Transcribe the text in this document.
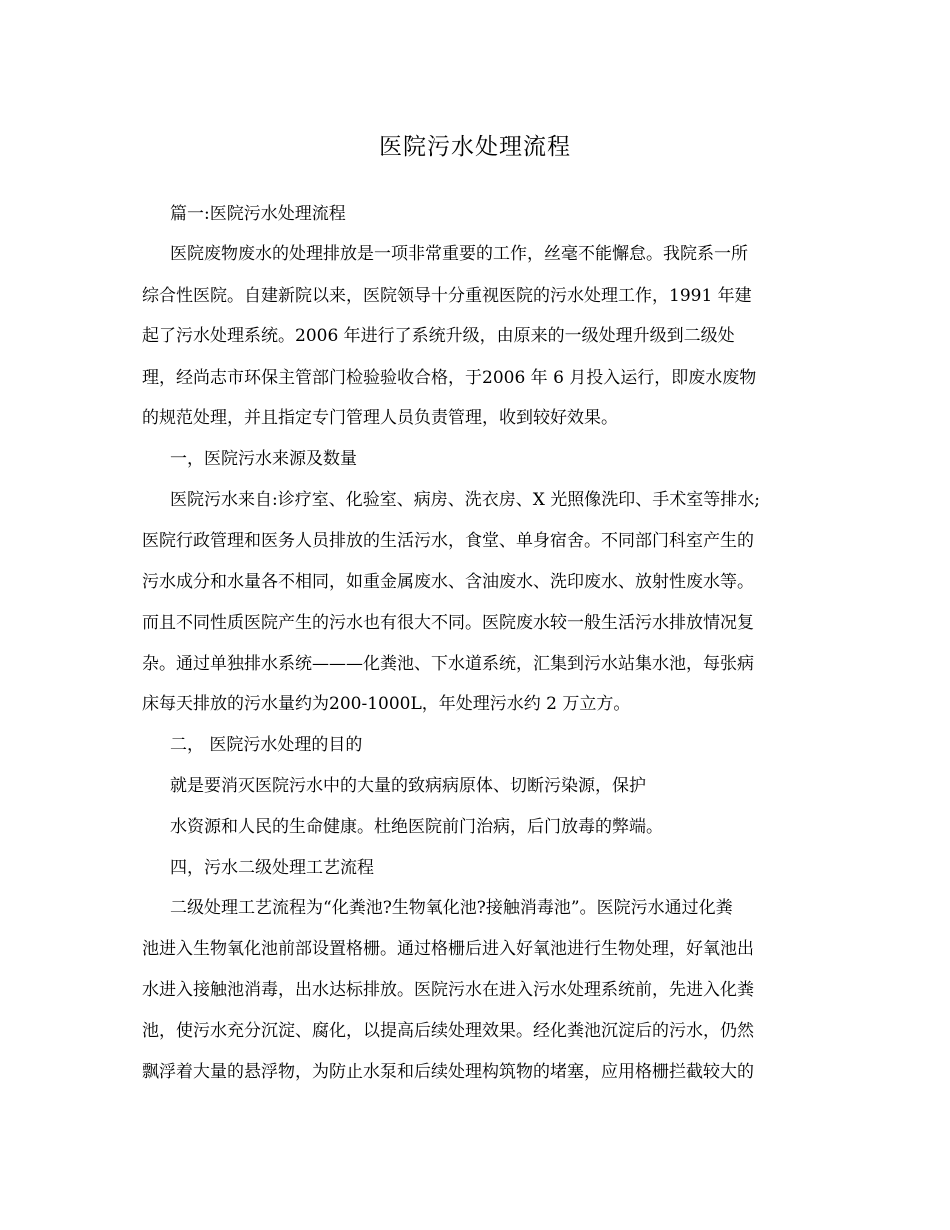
医院污水处理流程
篇一:医院污水处理流程
医院废物废水的处理排放是一项非常重要的工作，丝毫不能懈怠。我院系一所
综合性医院。自建新院以来，医院领导十分重视医院的污水处理工作，1991 年建
起了污水处理系统。2006 年进行了系统升级，由原来的一级处理升级到二级处
理，经尚志市环保主管部门检验验收合格，于2006 年 6 月投入运行，即废水废物
的规范处理，并且指定专门管理人员负责管理，收到较好效果。
一，医院污水来源及数量
医院污水来自:诊疗室、化验室、病房、洗衣房、X 光照像洗印、手术室等排水;
医院行政管理和医务人员排放的生活污水，食堂、单身宿舍。不同部门科室产生的
污水成分和水量各不相同，如重金属废水、含油废水、洗印废水、放射性废水等。
而且不同性质医院产生的污水也有很大不同。医院废水较一般生活污水排放情况复
杂。通过单独排水系统———化粪池、下水道系统，汇集到污水站集水池，每张病
床每天排放的污水量约为200-1000L，年处理污水约 2 万立方。
二， 医院污水处理的目的
就是要消灭医院污水中的大量的致病病原体、切断污染源，保护
水资源和人民的生命健康。杜绝医院前门治病，后门放毒的弊端。
四，污水二级处理工艺流程
二级处理工艺流程为“化粪池?生物氧化池?接触消毒池”。医院污水通过化粪
池进入生物氧化池前部设置格栅。通过格栅后进入好氧池进行生物处理，好氧池出
水进入接触池消毒，出水达标排放。医院污水在进入污水处理系统前，先进入化粪
池，使污水充分沉淀、腐化，以提高后续处理效果。经化粪池沉淀后的污水，仍然
飘浮着大量的悬浮物，为防止水泵和后续处理构筑物的堵塞，应用格栅拦截较大的
